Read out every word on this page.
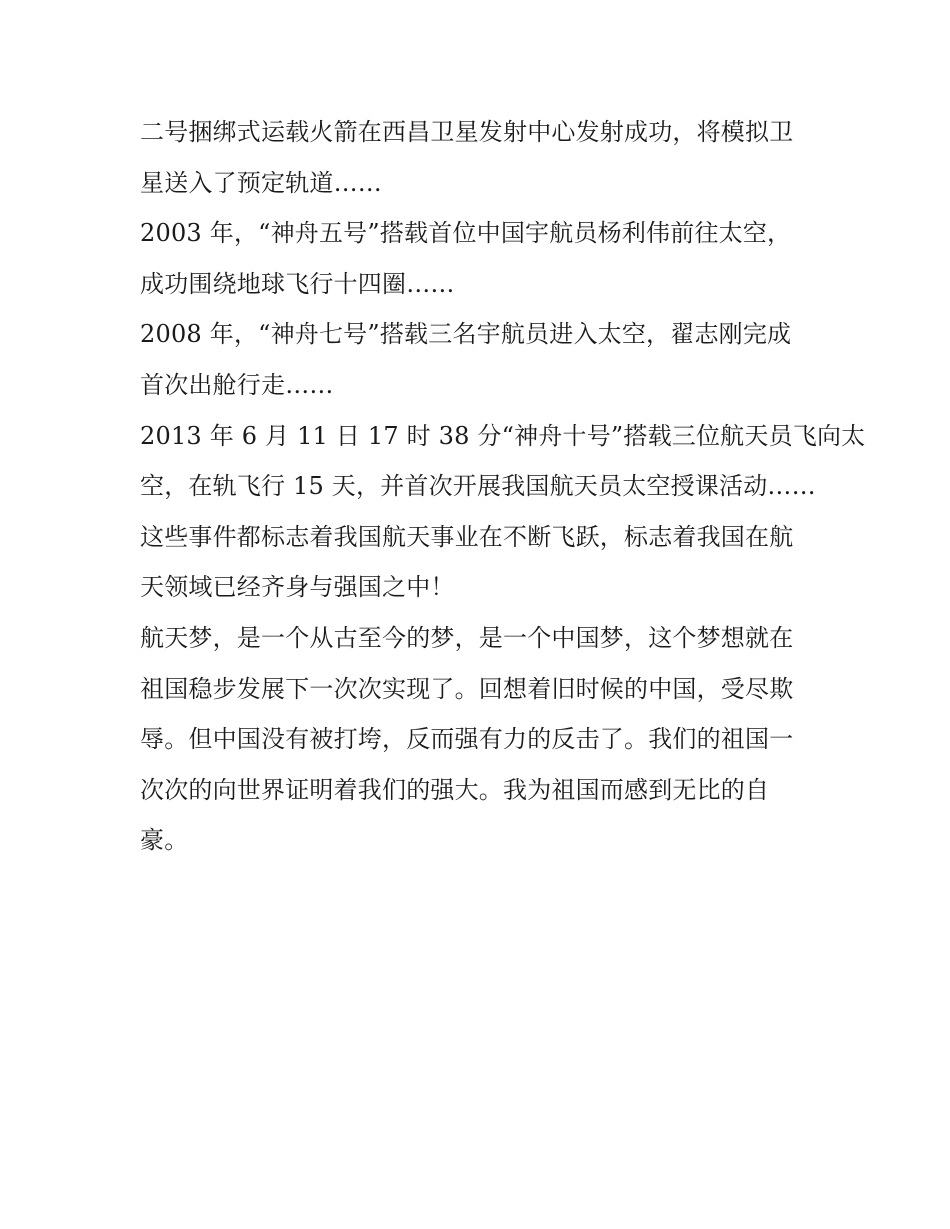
二号捆绑式运载火箭在西昌卫星发射中心发射成功，将模拟卫
星送入了预定轨道……
2003 年，“神舟五号”搭载首位中国宇航员杨利伟前往太空，
成功围绕地球飞行十四圈……
2008 年，“神舟七号”搭载三名宇航员进入太空，翟志刚完成
首次出舱行走……
2013 年 6 月 11 日 17 时 38 分“神舟十号”搭载三位航天员飞向太
空，在轨飞行 15 天，并首次开展我国航天员太空授课活动……
这些事件都标志着我国航天事业在不断飞跃，标志着我国在航
天领域已经齐身与强国之中！
航天梦，是一个从古至今的梦，是一个中国梦，这个梦想就在
祖国稳步发展下一次次实现了。回想着旧时候的中国，受尽欺
辱。但中国没有被打垮，反而强有力的反击了。我们的祖国一
次次的向世界证明着我们的强大。我为祖国而感到无比的自
豪。
